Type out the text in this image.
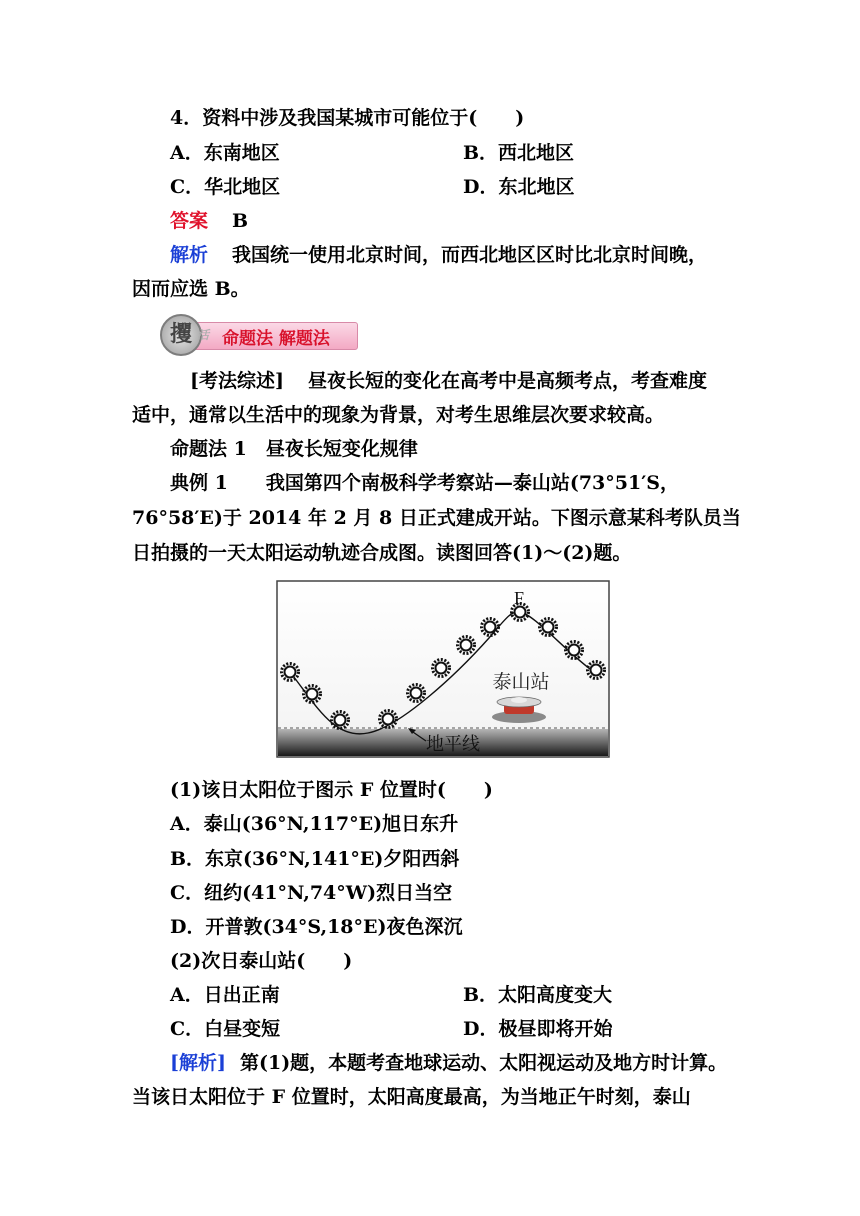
4．资料中涉及我国某城市可能位于(　　)
A．东南地区	B．西北地区
C．华北地区	D．东北地区
答案 B
解析 我国统一使用北京时间，而西北地区区时比北京时间晚，
因而应选 B。
攫 活 命题法 解题法
[考法综述] 昼夜长短的变化在高考中是高频考点，考查难度
适中，通常以生活中的现象为背景，对考生思维层次要求较高。
命题法 1　昼夜长短变化规律
典例 1 我国第四个南极科学考察站—泰山站(73°51′S，
76°58′E)于 2014 年 2 月 8 日正式建成开站。下图示意某科考队员当
日拍摄的一天太阳运动轨迹合成图。读图回答(1)～(2)题。
F
泰山站
地平线
(1)该日太阳位于图示 F 位置时(　　)
A．泰山(36°N,117°E)旭日东升
B．东京(36°N,141°E)夕阳西斜
C．纽约(41°N,74°W)烈日当空
D．开普敦(34°S,18°E)夜色深沉
(2)次日泰山站(　　)
A．日出正南	B．太阳高度变大
C．白昼变短	D．极昼即将开始
[解析] 第(1)题，本题考查地球运动、太阳视运动及地方时计算。
当该日太阳位于 F 位置时，太阳高度最高，为当地正午时刻，泰山
